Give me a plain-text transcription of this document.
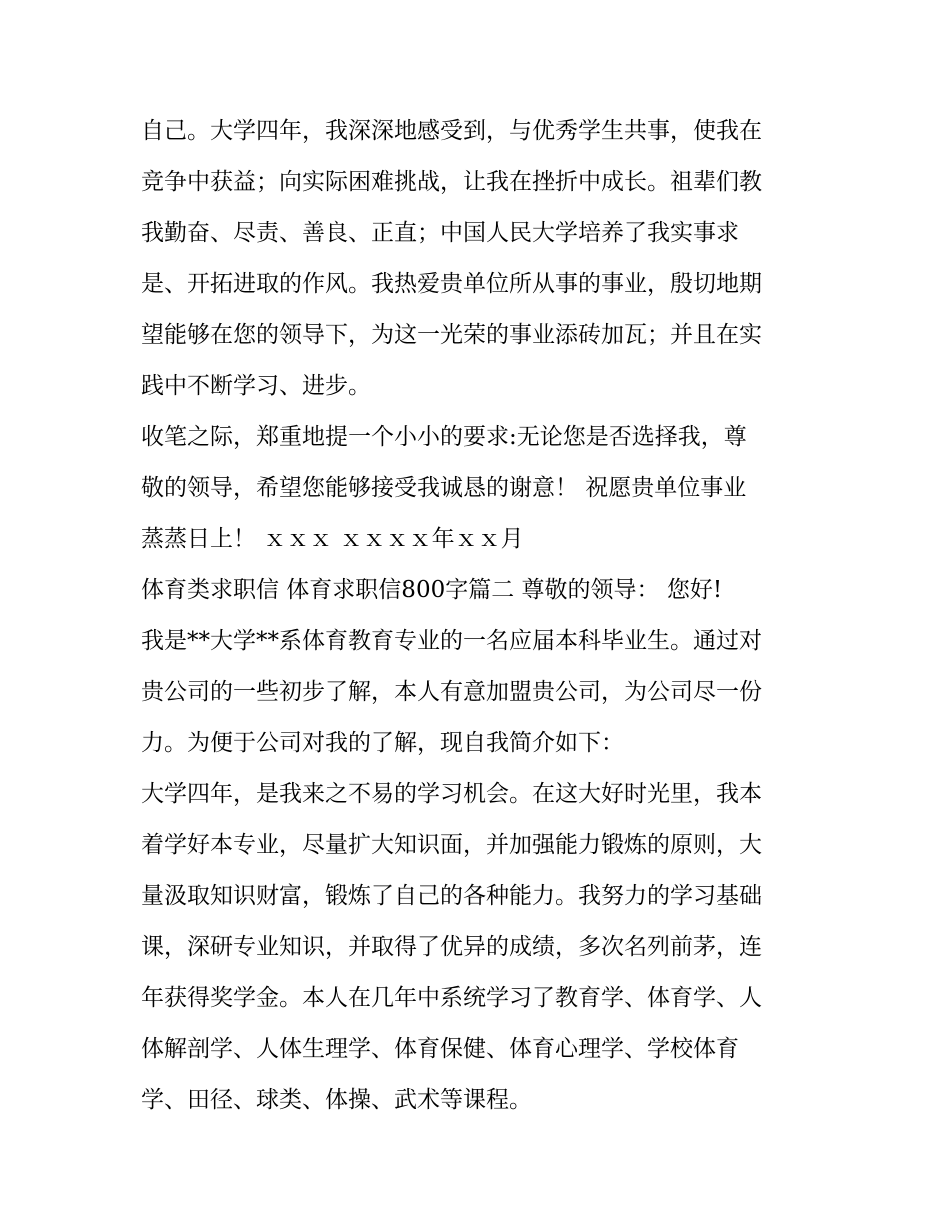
自己。大学四年，我深深地感受到，与优秀学生共事，使我在
竞争中获益；向实际困难挑战，让我在挫折中成长。祖辈们教
我勤奋、尽责、善良、正直；中国人民大学培养了我实事求
是、开拓进取的作风。我热爱贵单位所从事的事业，殷切地期
望能够在您的领导下，为这一光荣的事业添砖加瓦；并且在实
践中不断学习、进步。
收笔之际，郑重地提一个小小的要求:无论您是否选择我，尊
敬的领导，希望您能够接受我诚恳的谢意！ 祝愿贵单位事业
蒸蒸日上！ ｘｘｘ ｘｘｘｘ年ｘｘ月
体育类求职信 体育求职信800字篇二 尊敬的领导： 您好!
我是**大学**系体育教育专业的一名应届本科毕业生。通过对
贵公司的一些初步了解，本人有意加盟贵公司，为公司尽一份
力。为便于公司对我的了解，现自我简介如下：
大学四年，是我来之不易的学习机会。在这大好时光里，我本
着学好本专业，尽量扩大知识面，并加强能力锻炼的原则，大
量汲取知识财富，锻炼了自己的各种能力。我努力的学习基础
课，深研专业知识，并取得了优异的成绩，多次名列前茅，连
年获得奖学金。本人在几年中系统学习了教育学、体育学、人
体解剖学、人体生理学、体育保健、体育心理学、学校体育
学、田径、球类、体操、武术等课程。
